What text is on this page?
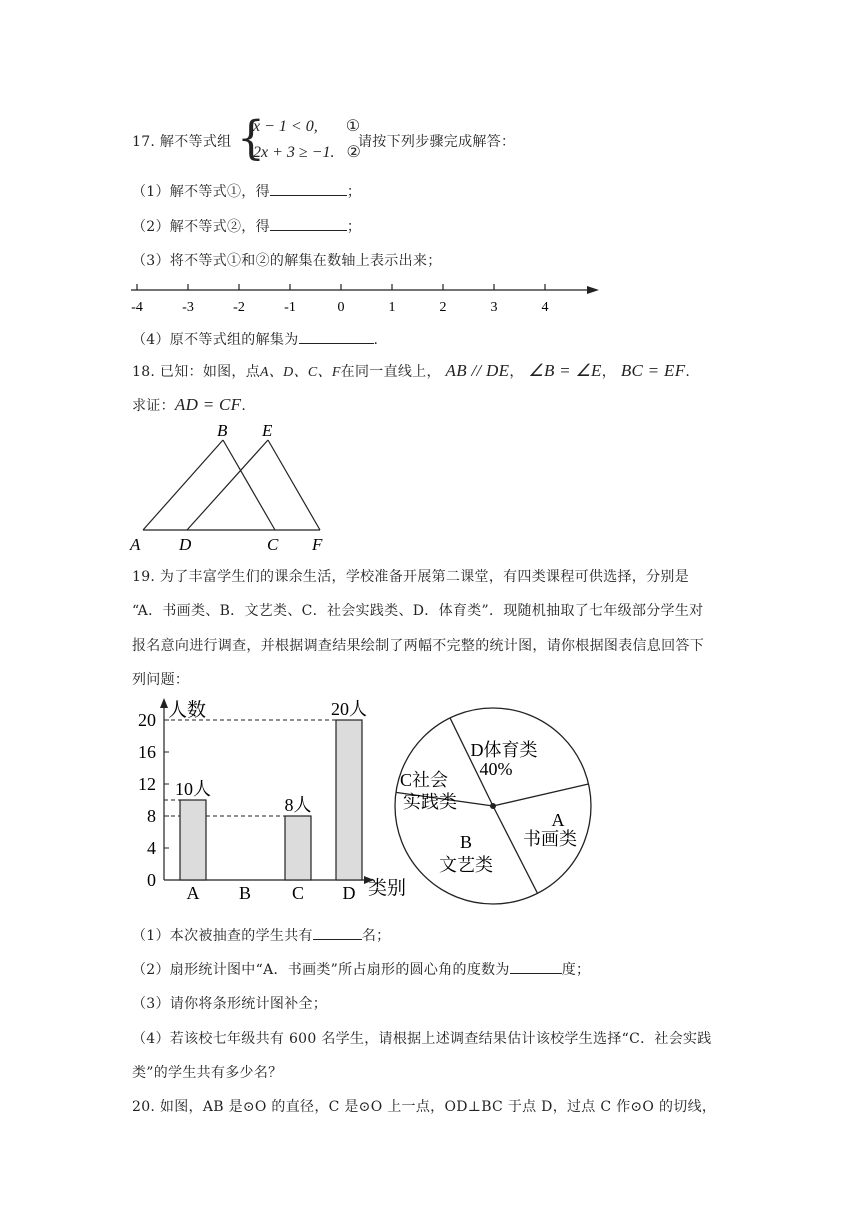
17. 解不等式组 {
x − 1 < 0, ①
2x + 3 ≥ −1. ②
请按下列步骤完成解答：
（1）解不等式①，得	；
（2）解不等式②，得	；
（3）将不等式①和②的解集在数轴上表示出来；
-4	-3	-2	-1	0	1	2	3	4
（4）原不等式组的解集为	.
18. 已知：如图，点A、D、C、F在同一直线上， AB // DE， ∠B = ∠E， BC = EF.
求证：AD = CF.
B E
A D	C F
19. 为了丰富学生们的课余生活，学校准备开展第二课堂，有四类课程可供选择，分别是
“A．书画类、B．文艺类、C．社会实践类、D．体育类”．现随机抽取了七年级部分学生对
报名意向进行调查，并根据调查结果绘制了两幅不完整的统计图，请你根据图表信息回答下
列问题：
人数
类别
0
4
8
12
16
20
10人
A B
8人
C
20人
D
D体育类
40%
C社会
实践类
A
书画类
B
文艺类
（1）本次被抽查的学生共有	名；
（2）扇形统计图中“A．书画类”所占扇形的圆心角的度数为	度；
（3）请你将条形统计图补全；
（4）若该校七年级共有 600 名学生，请根据上述调查结果估计该校学生选择“C．社会实践
类”的学生共有多少名？
20. 如图，AB 是⊙O 的直径，C 是⊙O 上一点，OD⊥BC 于点 D，过点 C 作⊙O 的切线，
